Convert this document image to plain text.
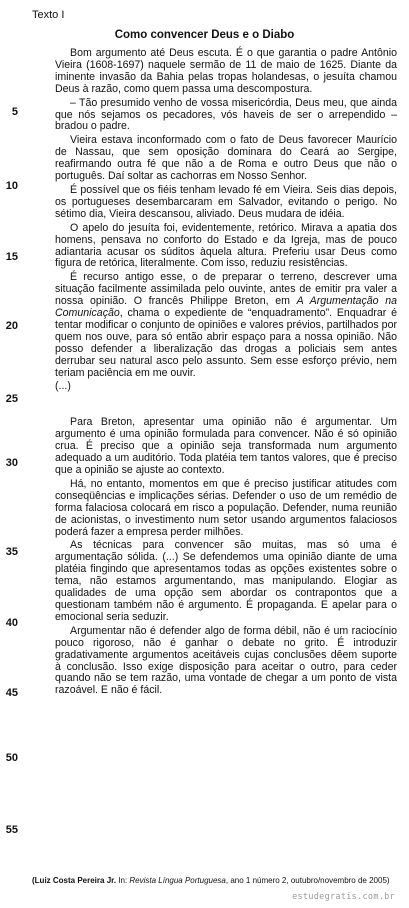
Texto I
Como convencer Deus e o Diabo
5
10
15
20
25
30
35
40
45
50
55

Bom argumento até Deus escuta. É o que garantia o padre Antônio Vieira (1608-1697) naquele sermão de 11 de maio de 1625. Diante da iminente invasão da Bahia pelas tropas holandesas, o jesuíta chamou Deus à razão, como quem passa uma descompostura.

– Tão presumido venho de vossa misericórdia, Deus meu, que ainda que nós sejamos os pecadores, vós haveis de ser o arrependido – bradou o padre.

Vieira estava inconformado com o fato de Deus favorecer Maurício de Nassau, que sem oposição dominara do Ceará ao Sergipe, reafirmando outra fé que não a de Roma e outro Deus que não o português. Daí soltar as cachorras em Nosso Senhor.

É possível que os fiéis tenham levado fé em Vieira. Seis dias depois, os portugueses desembarcaram em Salvador, evitando o perigo. No sétimo dia, Vieira descansou, aliviado. Deus mudara de idéia.

O apelo do jesuíta foi, evidentemente, retórico. Mirava a apatia dos homens, pensava no conforto do Estado e da Igreja, mas de pouco adiantaria acusar os súditos àquela altura. Preferiu usar Deus como figura de retórica, literalmente. Com isso, reduziu resistências.

É recurso antigo esse, o de preparar o terreno, descrever uma situação facilmente assimilada pelo ouvinte, antes de emitir pra valer a nossa opinião. O francês Philippe Breton, em A Argumentação na Comunicação, chama o expediente de “enquadramento”. Enquadrar é tentar modificar o conjunto de opiniões e valores prévios, partilhados por quem nos ouve, para só então abrir espaço para a nossa opinião. Não posso defender a liberalização das drogas a policiais sem antes derrubar seu natural asco pelo assunto. Sem esse esforço prévio, nem teriam paciência em me ouvir.

(...)

Para Breton, apresentar uma opinião não é argumentar. Um argumento é uma opinião formulada para convencer. Não é só opinião crua. É preciso que a opinião seja transformada num argumento adequado a um auditório. Toda platéia tem tantos valores, que é preciso que a opinião se ajuste ao contexto.

Há, no entanto, momentos em que é preciso justificar atitudes com conseqüências e implicações sérias. Defender o uso de um remédio de forma falaciosa colocará em risco a população. Defender, numa reunião de acionistas, o investimento num setor usando argumentos falaciosos poderá fazer a empresa perder milhões.

As técnicas para convencer são muitas, mas só uma é argumentação sólida. (...) Se defendemos uma opinião diante de uma platéia fingindo que apresentamos todas as opções existentes sobre o tema, não estamos argumentando, mas manipulando. Elogiar as qualidades de uma opção sem abordar os contrapontos que a questionam também não é argumento. É propaganda. E apelar para o emocional seria seduzir.

Argumentar não é defender algo de forma débil, não é um raciocínio pouco rigoroso, não é ganhar o debate no grito. É introduzir gradativamente argumentos aceitáveis cujas conclusões dêem suporte à conclusão. Isso exige disposição para aceitar o outro, para ceder quando não se tem razão, uma vontade de chegar a um ponto de vista razoável. E não é fácil.

(Luiz Costa Pereira Jr. In: Revista Língua Portuguesa, ano 1 número 2, outubro/novembro de 2005)
estudegratis.com.br
